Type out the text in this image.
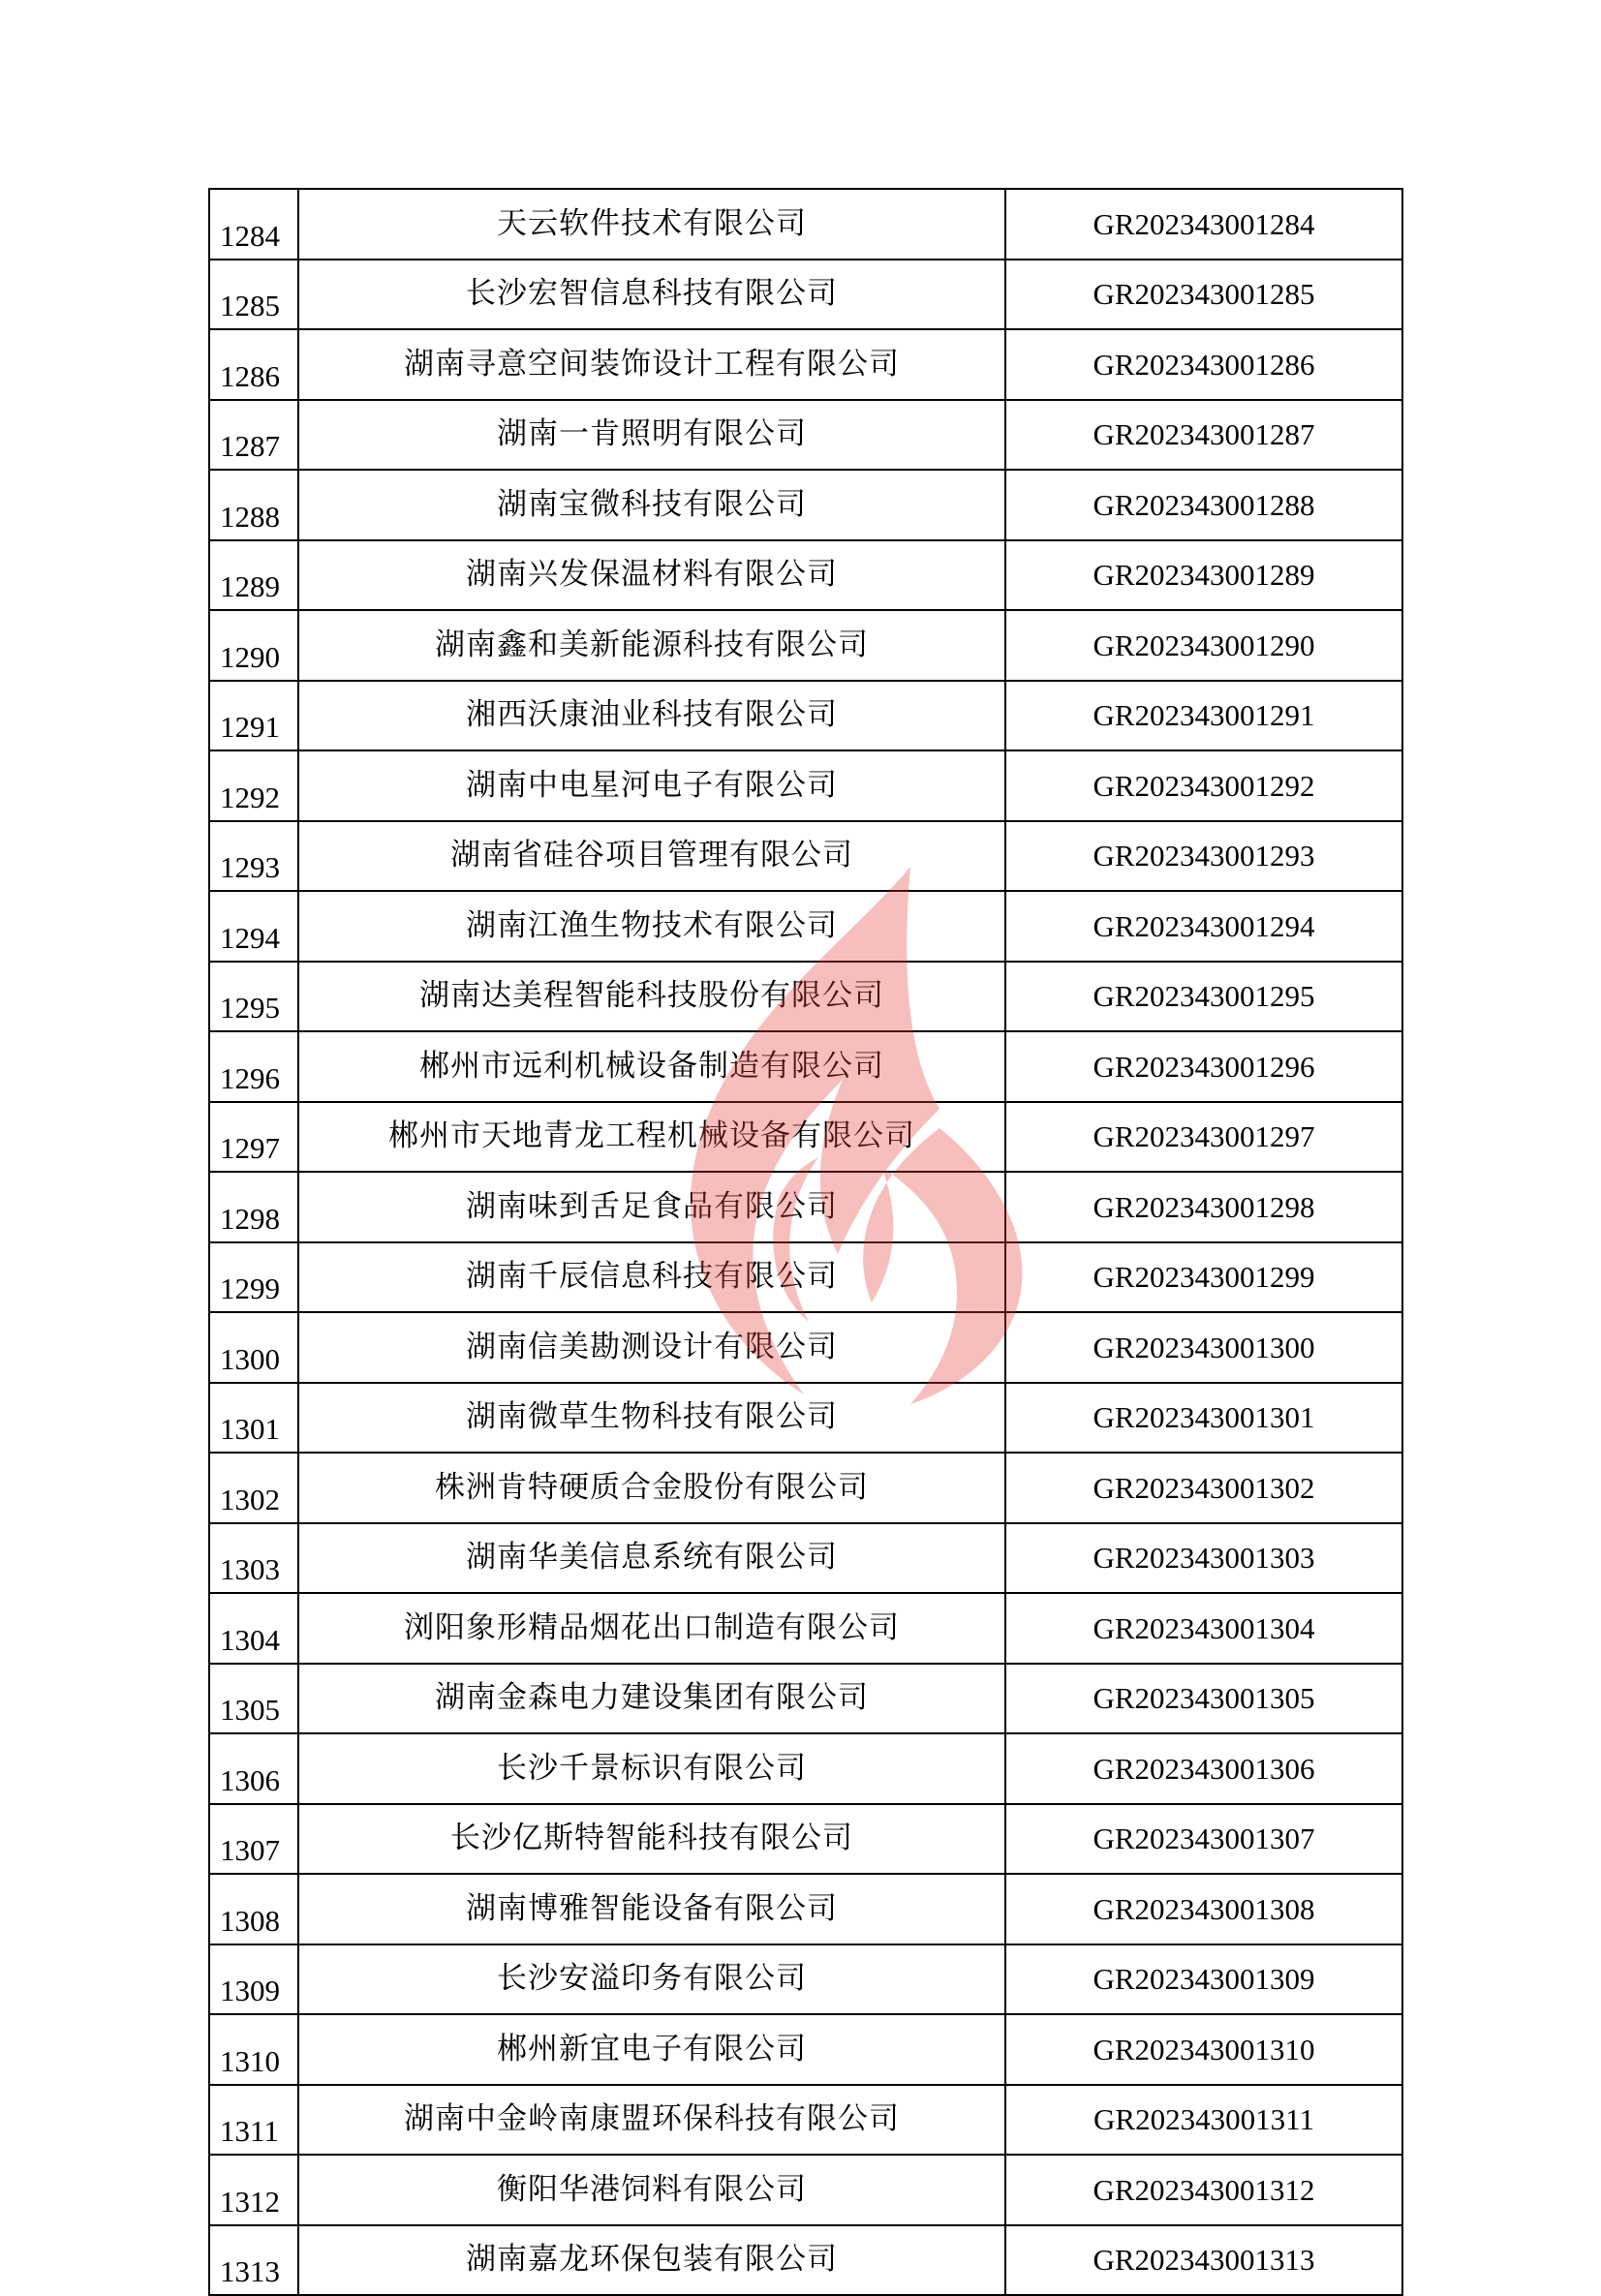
1284	天云软件技术有限公司	GR202343001284
1285	长沙宏智信息科技有限公司	GR202343001285
1286	湖南寻意空间装饰设计工程有限公司	GR202343001286
1287	湖南一肯照明有限公司	GR202343001287
1288	湖南宝微科技有限公司	GR202343001288
1289	湖南兴发保温材料有限公司	GR202343001289
1290	湖南鑫和美新能源科技有限公司	GR202343001290
1291	湘西沃康油业科技有限公司	GR202343001291
1292	湖南中电星河电子有限公司	GR202343001292
1293	湖南省硅谷项目管理有限公司	GR202343001293
1294	湖南江渔生物技术有限公司	GR202343001294
1295	湖南达美程智能科技股份有限公司	GR202343001295
1296	郴州市远利机械设备制造有限公司	GR202343001296
1297	郴州市天地青龙工程机械设备有限公司	GR202343001297
1298	湖南味到舌足食品有限公司	GR202343001298
1299	湖南千辰信息科技有限公司	GR202343001299
1300	湖南信美勘测设计有限公司	GR202343001300
1301	湖南微草生物科技有限公司	GR202343001301
1302	株洲肯特硬质合金股份有限公司	GR202343001302
1303	湖南华美信息系统有限公司	GR202343001303
1304	浏阳象形精品烟花出口制造有限公司	GR202343001304
1305	湖南金森电力建设集团有限公司	GR202343001305
1306	长沙千景标识有限公司	GR202343001306
1307	长沙亿斯特智能科技有限公司	GR202343001307
1308	湖南博雅智能设备有限公司	GR202343001308
1309	长沙安溢印务有限公司	GR202343001309
1310	郴州新宜电子有限公司	GR202343001310
1311	湖南中金岭南康盟环保科技有限公司	GR202343001311
1312	衡阳华港饲料有限公司	GR202343001312
1313	湖南嘉龙环保包装有限公司	GR202343001313
